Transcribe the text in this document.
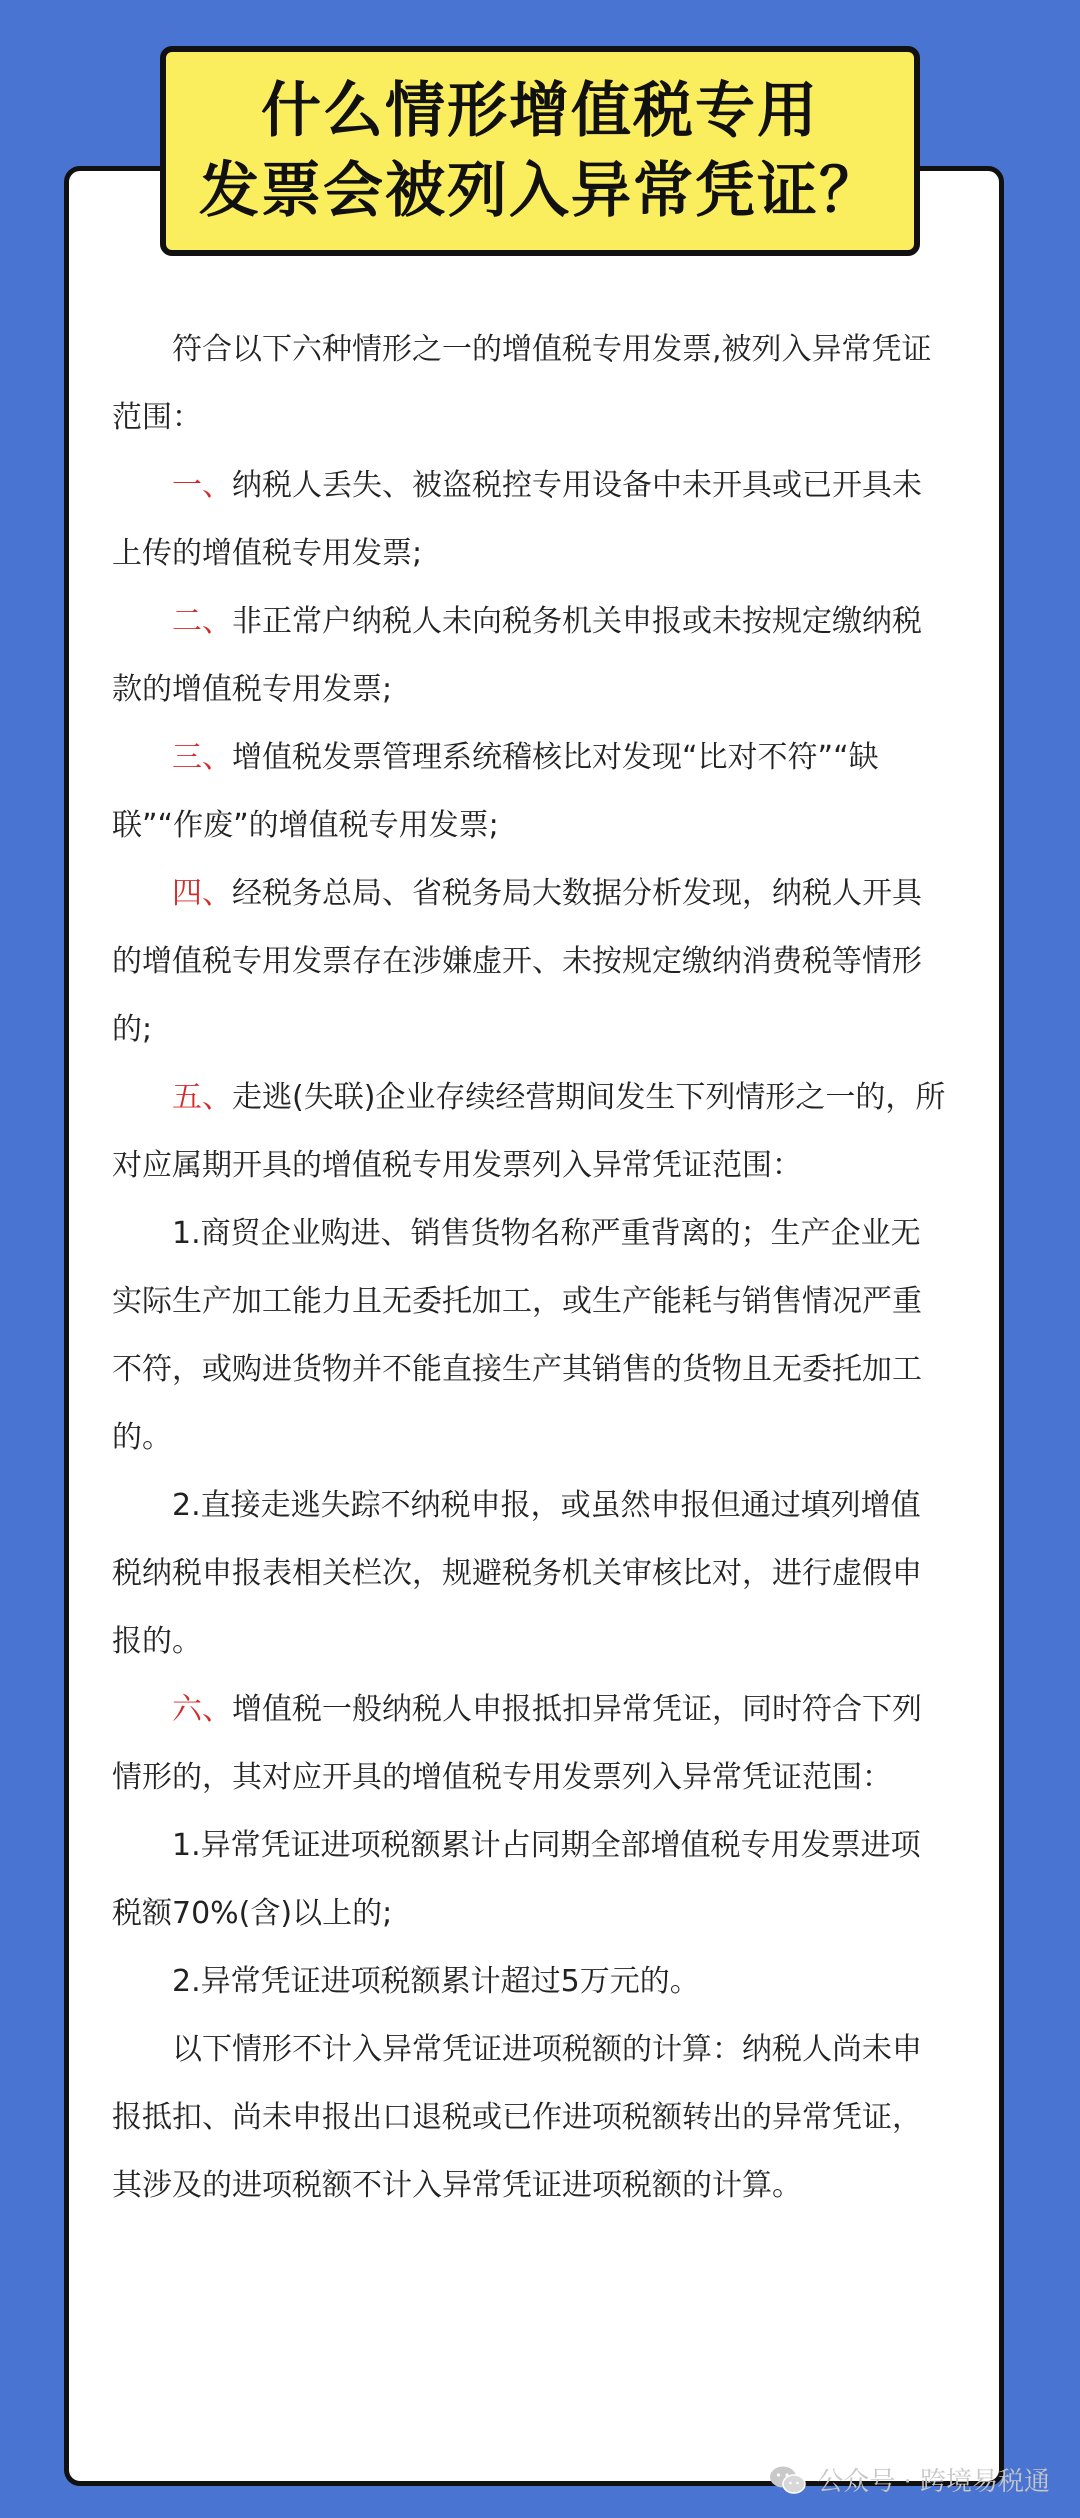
什么情形增值税专用
发票会被列入异常凭证？

符合以下六种情形之一的增值税专用发票,被列入异常凭证范围：

一、纳税人丢失、被盗税控专用设备中未开具或已开具未上传的增值税专用发票;

二、非正常户纳税人未向税务机关申报或未按规定缴纳税款的增值税专用发票;

三、增值税发票管理系统稽核比对发现“比对不符”“缺联”“作废”的增值税专用发票;

四、经税务总局、省税务局大数据分析发现，纳税人开具的增值税专用发票存在涉嫌虚开、未按规定缴纳消费税等情形的;

五、走逃(失联)企业存续经营期间发生下列情形之一的，所对应属期开具的增值税专用发票列入异常凭证范围：

1.商贸企业购进、销售货物名称严重背离的；生产企业无实际生产加工能力且无委托加工，或生产能耗与销售情况严重不符，或购进货物并不能直接生产其销售的货物且无委托加工的。

2.直接走逃失踪不纳税申报，或虽然申报但通过填列增值税纳税申报表相关栏次，规避税务机关审核比对，进行虚假申报的。

六、增值税一般纳税人申报抵扣异常凭证，同时符合下列情形的，其对应开具的增值税专用发票列入异常凭证范围：

1.异常凭证进项税额累计占同期全部增值税专用发票进项税额70%(含)以上的;

2.异常凭证进项税额累计超过5万元的。

以下情形不计入异常凭证进项税额的计算：纳税人尚未申报抵扣、尚未申报出口退税或已作进项税额转出的异常凭证，其涉及的进项税额不计入异常凭证进项税额的计算。

公众号 · 跨境易税通
